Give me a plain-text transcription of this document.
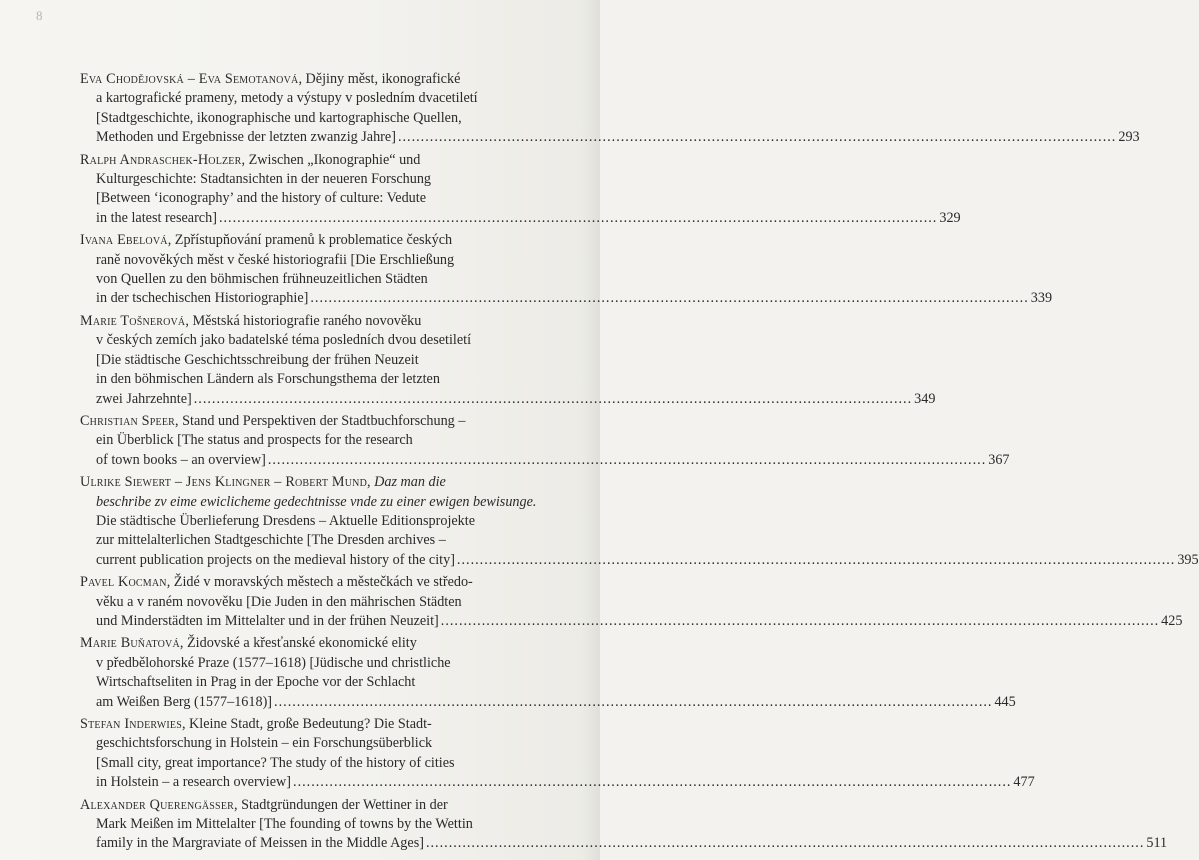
8
Eva Chodějovská – Eva Semotanová, Dějiny měst, ikonografické
a kartografické prameny, metody a výstupy v posledním dvacetiletí
[Stadtgeschichte, ikonographische und kartographische Quellen,
Methoden und Ergebnisse der letzten zwanzig Jahre] .....	293
Ralph Andraschek-Holzer, Zwischen „Ikonographie“ und
Kulturgeschichte: Stadtansichten in der neueren Forschung
[Between ‘iconography’ and the history of culture: Vedute
in the latest research] .....	329
Ivana Ebelová, Zpřístupňování pramenů k problematice českých
raně novověkých měst v české historiografii [Die Erschließung
von Quellen zu den böhmischen frühneuzeitlichen Städten
in der tschechischen Historiographie] .....	339
Marie Tošnerová, Městská historiografie raného novověku
v českých zemích jako badatelské téma posledních dvou desetiletí
[Die städtische Geschichtsschreibung der frühen Neuzeit
in den böhmischen Ländern als Forschungsthema der letzten
zwei Jahrzehnte] .....	349
Christian Speer, Stand und Perspektiven der Stadtbuchforschung –
ein Überblick [The status and prospects for the research
of town books – an overview] .....	367
Ulrike Siewert – Jens Klingner – Robert Mund, Daz man die
beschribe zv eime ewiclicheme gedechtnisse vnde zu einer ewigen bewisunge.
Die städtische Überlieferung Dresdens – Aktuelle Editionsprojekte
zur mittelalterlichen Stadtgeschichte [The Dresden archives –
current publication projects on the medieval history of the city] .....	395
Pavel Kocman, Židé v moravských městech a městečkách ve středo-
věku a v raném novověku [Die Juden in den mährischen Städten
und Minderstädten im Mittelalter und in der frühen Neuzeit] .....	425
Marie Buňatová, Židovské a křesťanské ekonomické elity
v předbělohorské Praze (1577–1618) [Jüdische und christliche
Wirtschaftseliten in Prag in der Epoche vor der Schlacht
am Weißen Berg (1577–1618)] .....	445
Stefan Inderwies, Kleine Stadt, große Bedeutung? Die Stadt-
geschichtsforschung in Holstein – ein Forschungsüberblick
[Small city, great importance? The study of the history of cities
in Holstein – a research overview] .....	477
Alexander Querengässer, Stadtgründungen der Wettiner in der
Mark Meißen im Mittelalter [The founding of towns by the Wettin
family in the Margraviate of Meissen in the Middle Ages] .....	511
